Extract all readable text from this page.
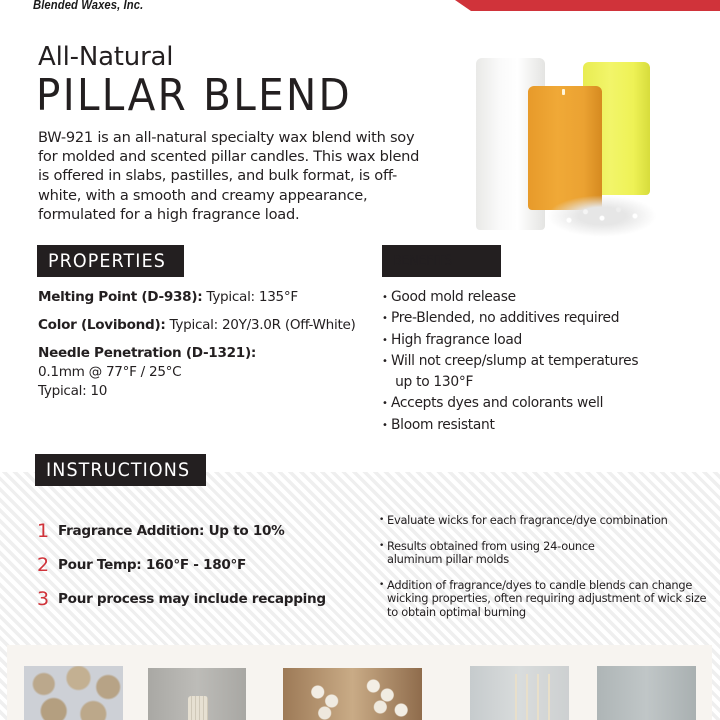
Blended Waxes, Inc.
All-Natural
PILLAR BLEND

BW-921 is an all-natural specialty wax blend with soy for molded and scented pillar candles. This wax blend is offered in slabs, pastilles, and bulk format, is off-white, with a smooth and creamy appearance, formulated for a high fragrance load.

PROPERTIES
Melting Point (D-938): Typical: 135°F
Color (Lovibond): Typical: 20Y/3.0R (Off-White)
Needle Penetration (D-1321):
0.1mm @ 77°F / 25°C
Typical: 10
BENEFITS
• Good mold release
• Pre-Blended, no additives required
• High fragrance load
• Will not creep/slump at temperatures
up to 130°F
• Accepts dyes and colorants well
• Bloom resistant
INSTRUCTIONS
1 Fragrance Addition: Up to 10%
2 Pour Temp: 160°F - 180°F
3 Pour process may include recapping
• Evaluate wicks for each fragrance/dye combination
• Results obtained from using 24-ounce aluminum pillar molds
• Addition of fragrance/dyes to candle blends can change wicking properties, often requiring adjustment of wick size to obtain optimal burning
